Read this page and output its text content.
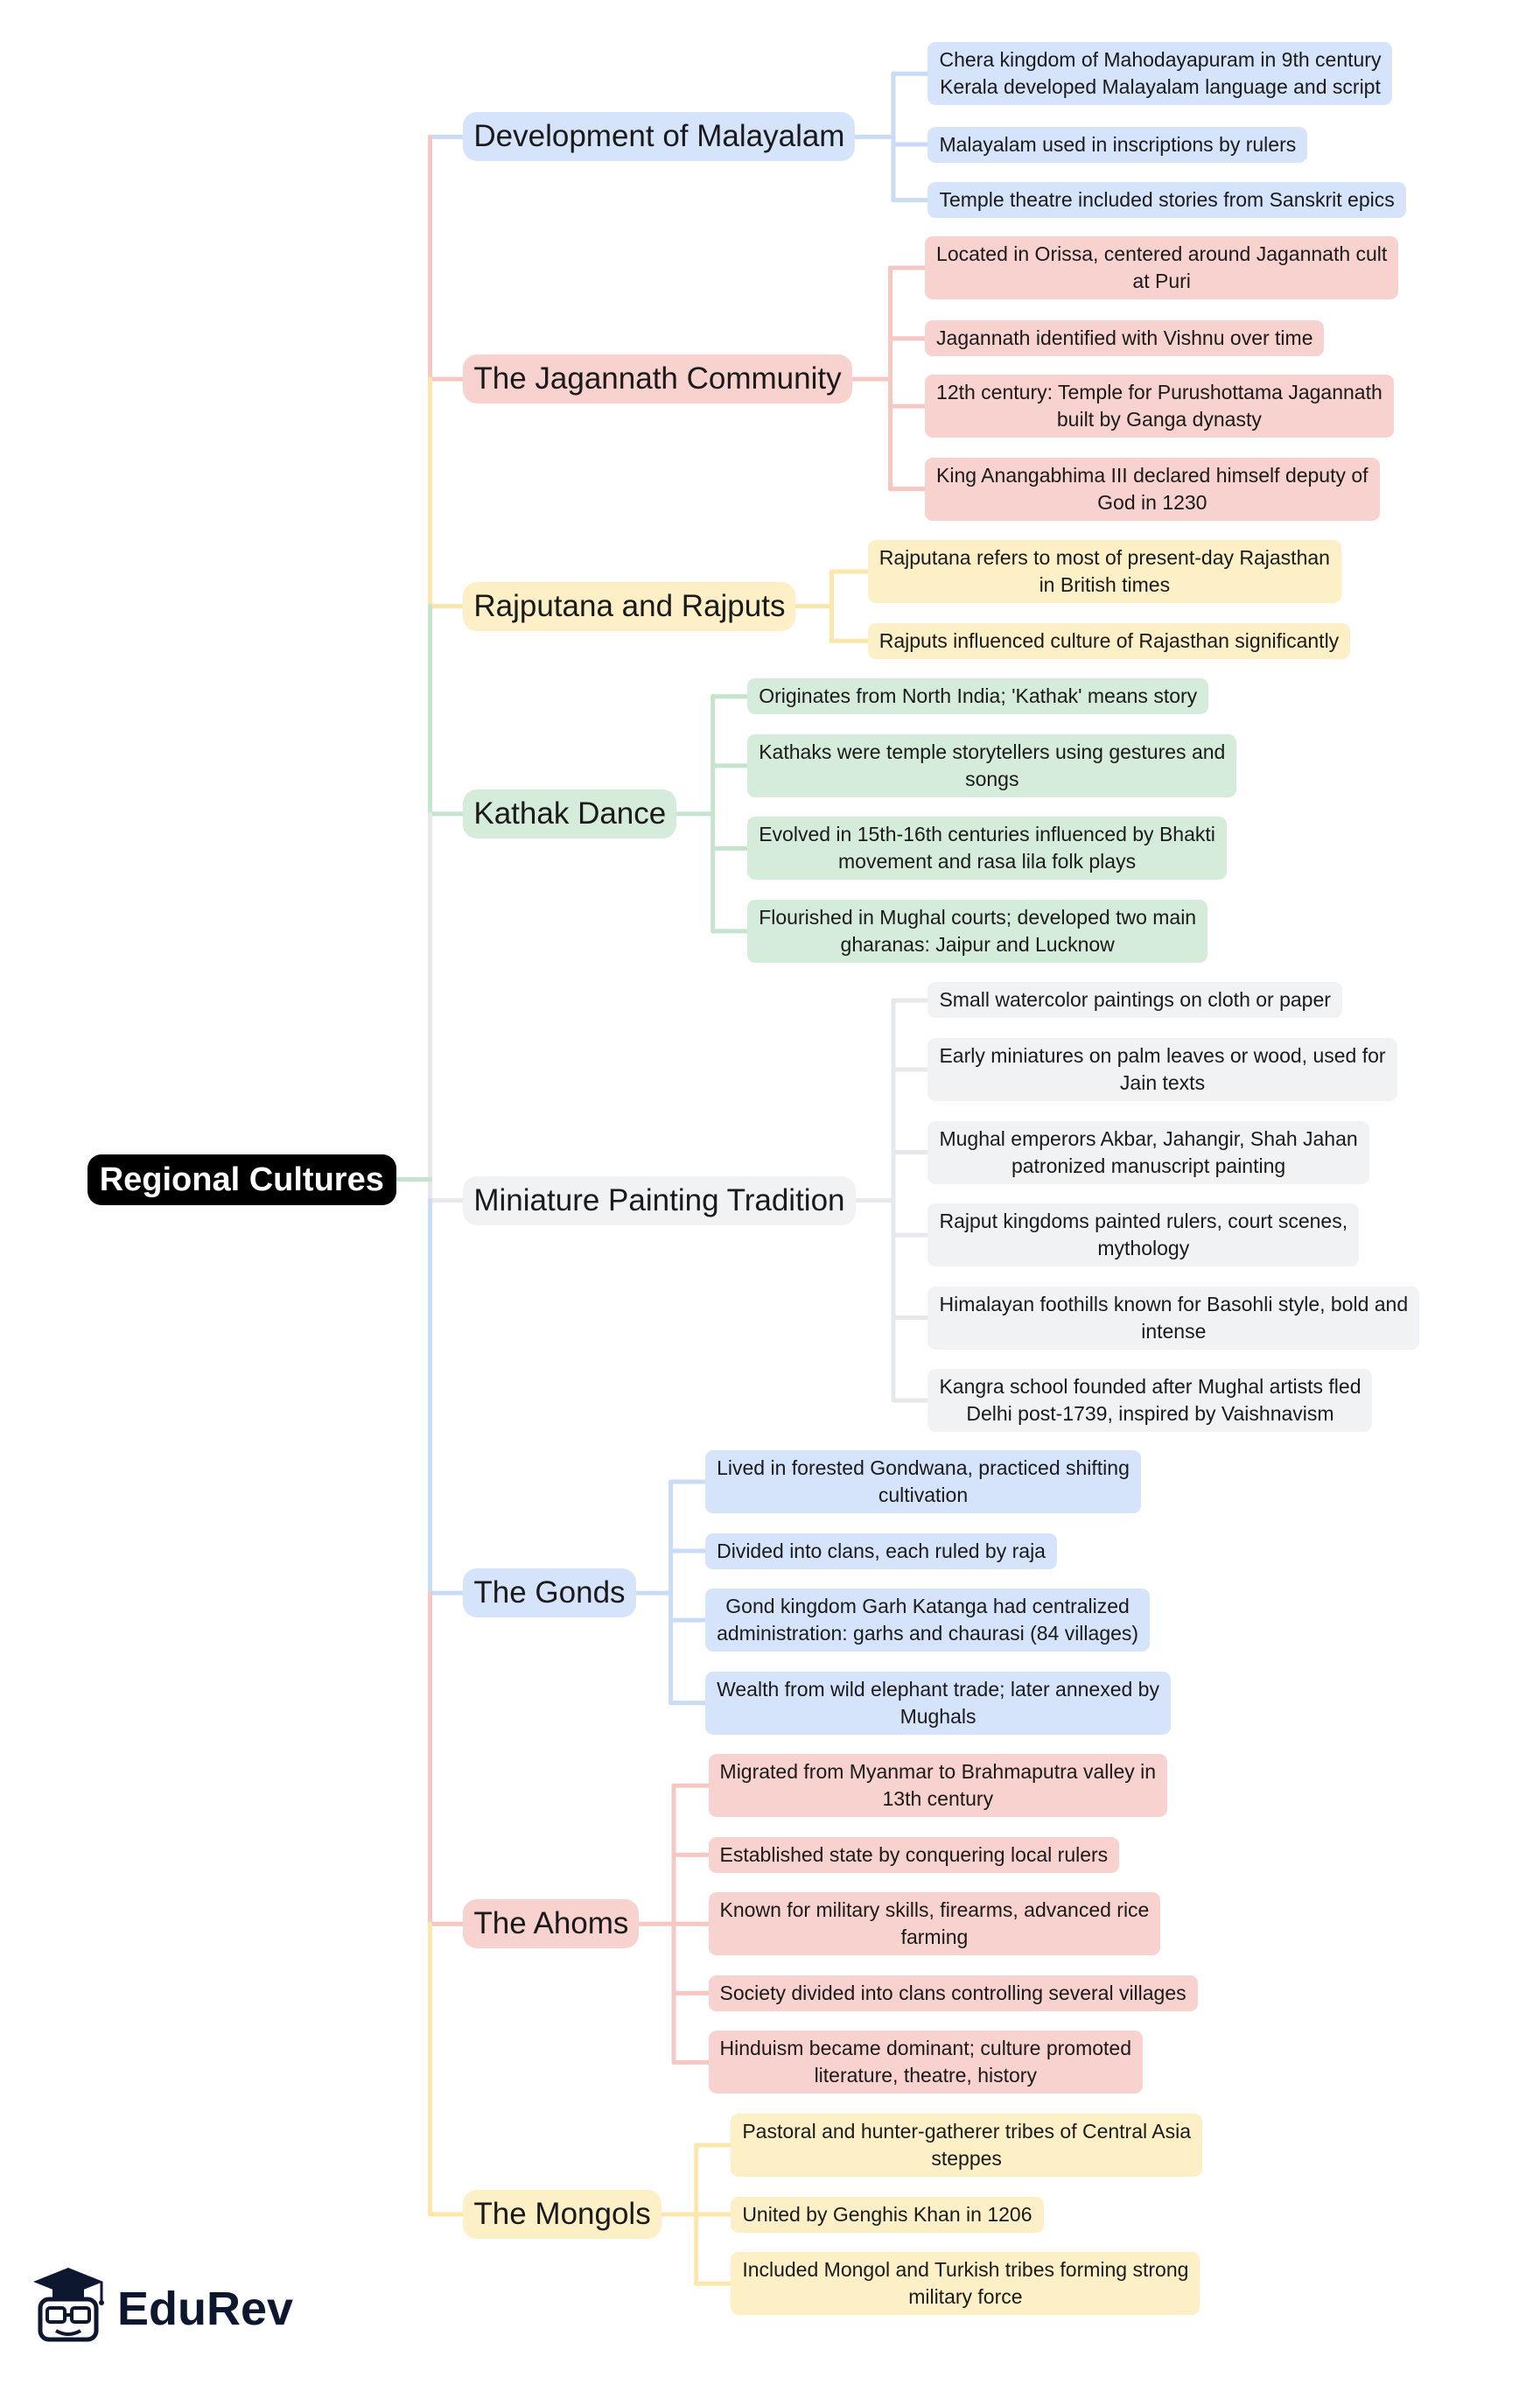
Regional Cultures
Development of Malayalam
Chera kingdom of Mahodayapuram in 9th century
Kerala developed Malayalam language and script
Malayalam used in inscriptions by rulers
Temple theatre included stories from Sanskrit epics
The Jagannath Community
Located in Orissa, centered around Jagannath cult
at Puri
Jagannath identified with Vishnu over time
12th century: Temple for Purushottama Jagannath
built by Ganga dynasty
King Anangabhima III declared himself deputy of
God in 1230
Rajputana and Rajputs
Rajputana refers to most of present-day Rajasthan
in British times
Rajputs influenced culture of Rajasthan significantly
Kathak Dance
Originates from North India; 'Kathak' means story
Kathaks were temple storytellers using gestures and
songs
Evolved in 15th-16th centuries influenced by Bhakti
movement and rasa lila folk plays
Flourished in Mughal courts; developed two main
gharanas: Jaipur and Lucknow
Miniature Painting Tradition
Small watercolor paintings on cloth or paper
Early miniatures on palm leaves or wood, used for
Jain texts
Mughal emperors Akbar, Jahangir, Shah Jahan
patronized manuscript painting
Rajput kingdoms painted rulers, court scenes,
mythology
Himalayan foothills known for Basohli style, bold and
intense
Kangra school founded after Mughal artists fled
Delhi post-1739, inspired by Vaishnavism
The Gonds
Lived in forested Gondwana, practiced shifting
cultivation
Divided into clans, each ruled by raja
Gond kingdom Garh Katanga had centralized
administration: garhs and chaurasi (84 villages)
Wealth from wild elephant trade; later annexed by
Mughals
The Ahoms
Migrated from Myanmar to Brahmaputra valley in
13th century
Established state by conquering local rulers
Known for military skills, firearms, advanced rice
farming
Society divided into clans controlling several villages
Hinduism became dominant; culture promoted
literature, theatre, history
The Mongols
Pastoral and hunter-gatherer tribes of Central Asia
steppes
United by Genghis Khan in 1206
Included Mongol and Turkish tribes forming strong
military force
EduRev
